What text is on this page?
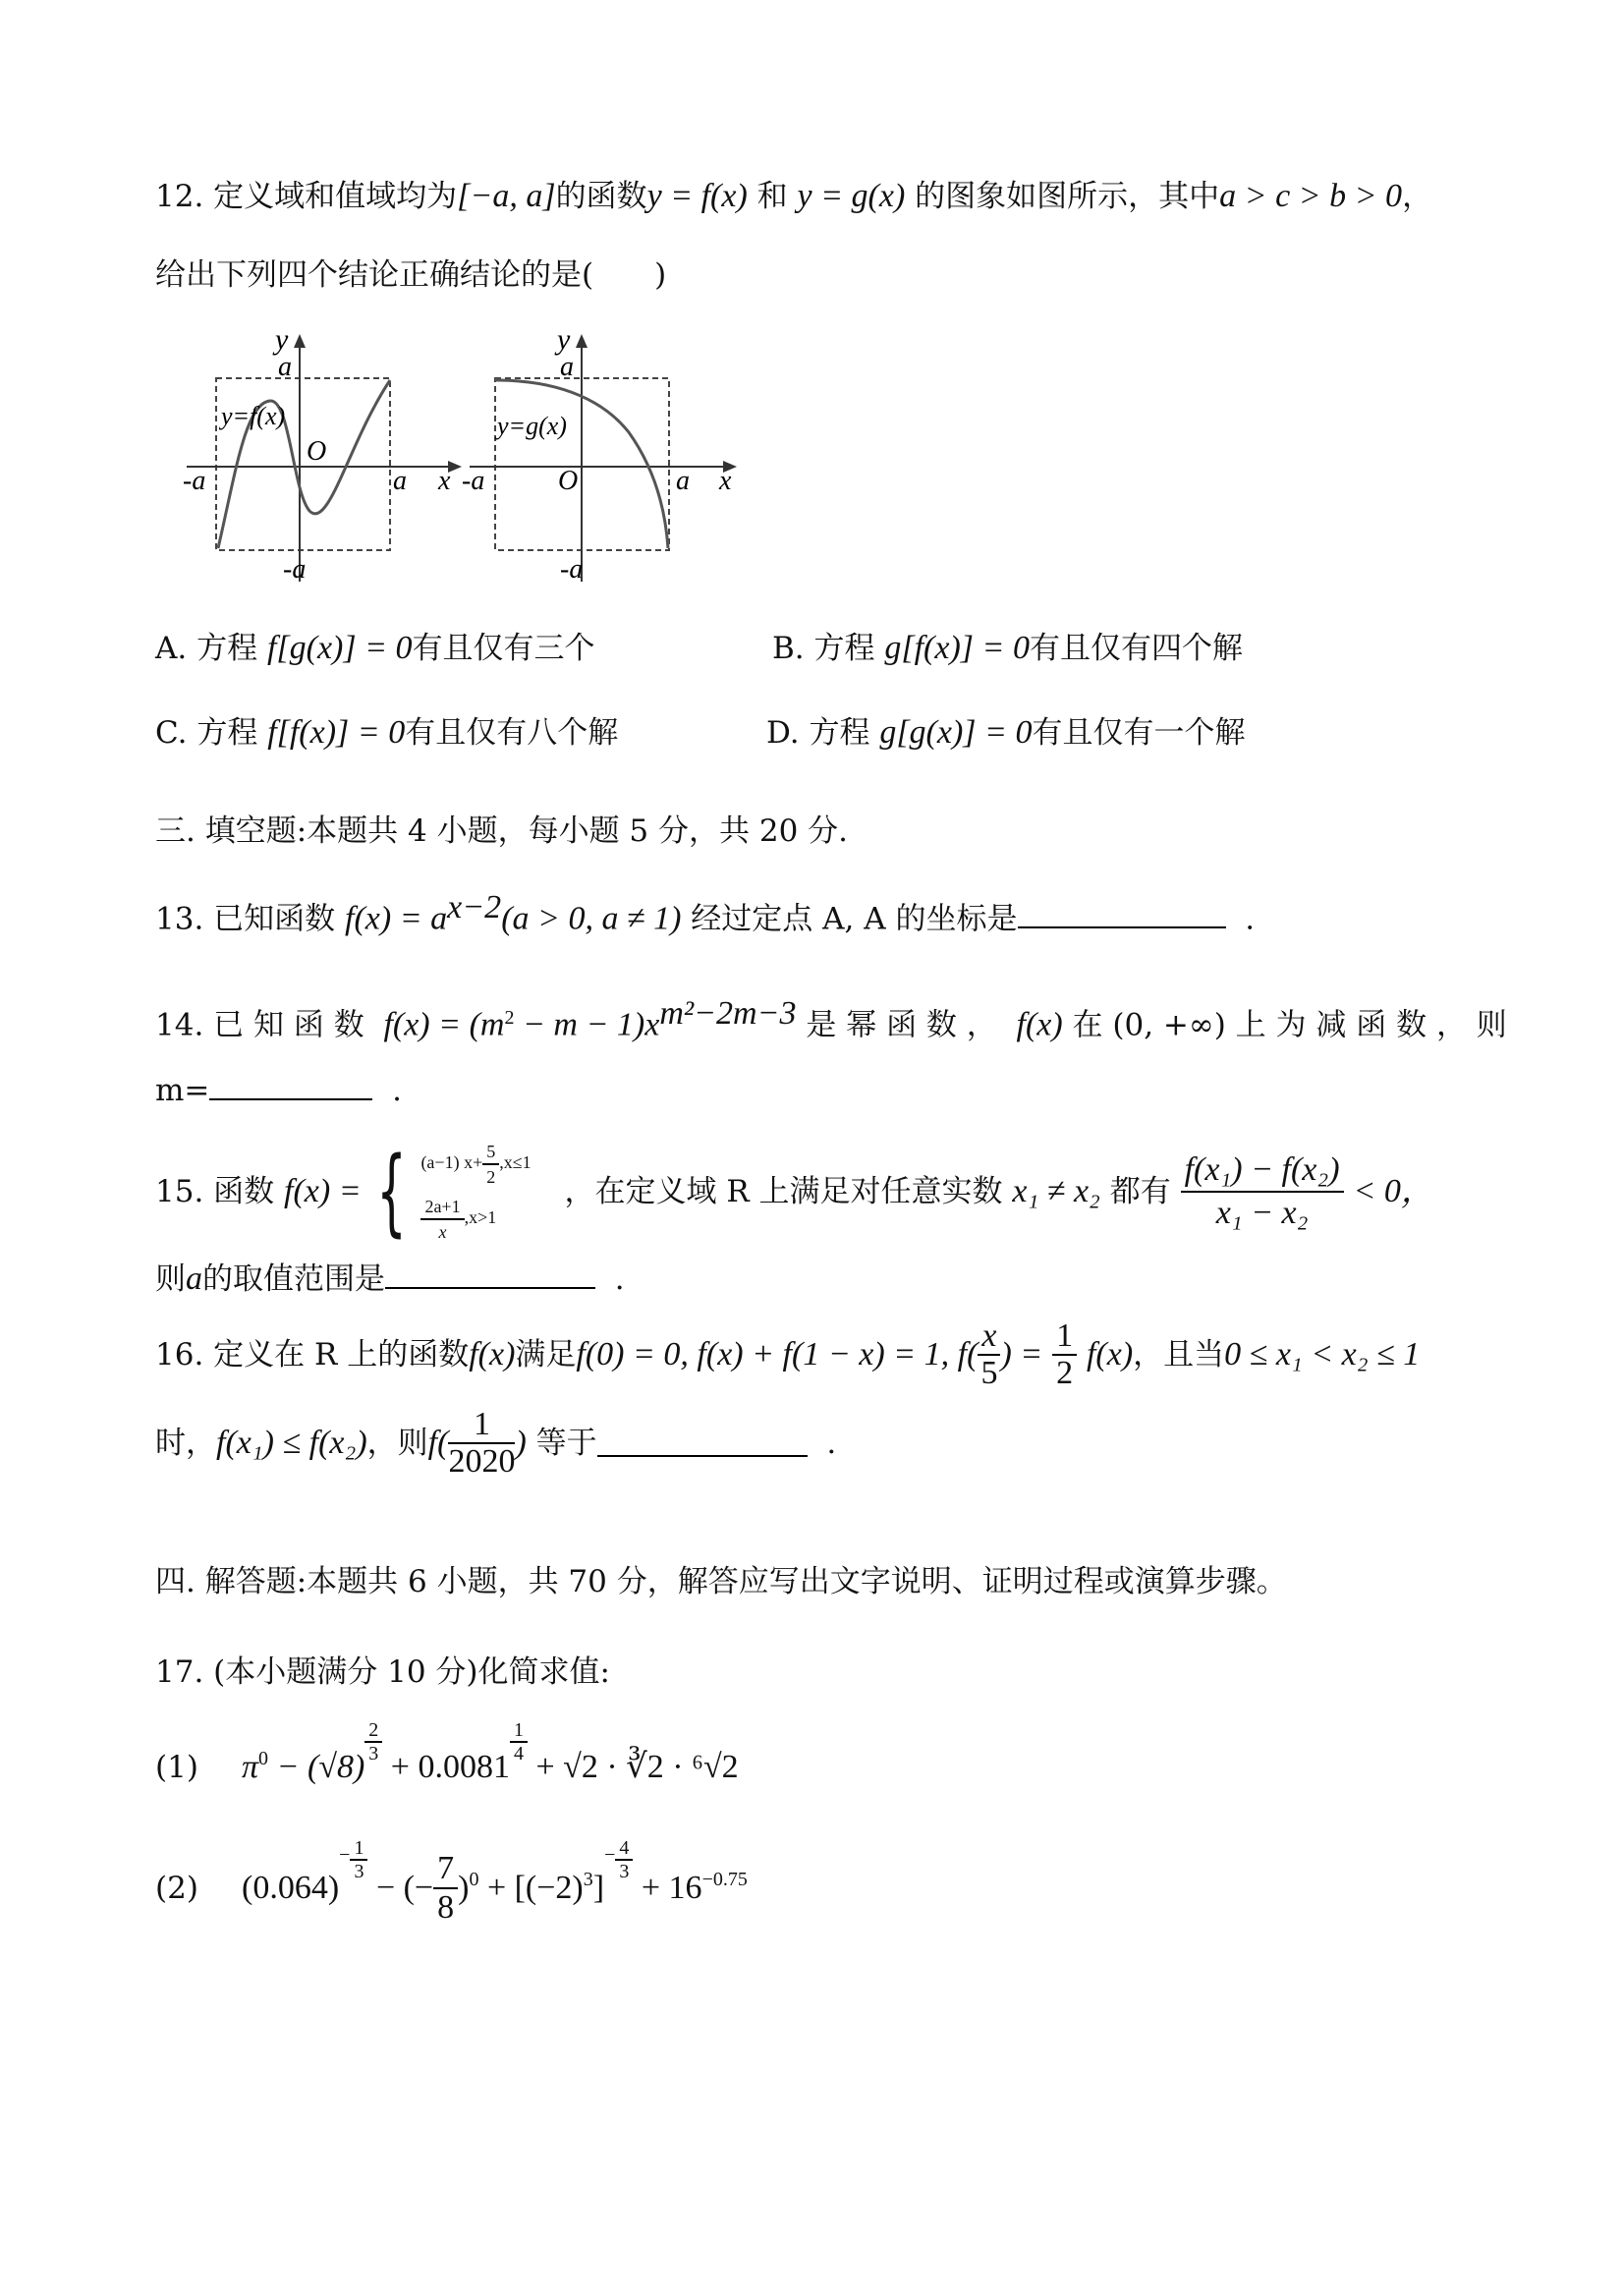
12. 定义域和值域均为[−a, a]的函数y = f(x) 和 y = g(x) 的图象如图所示，其中a > c > b > 0，
给出下列四个结论正确结论的是(　　)
y
a
y=f(x)
O
-a	a x
-a
y
a
y=g(x)
O
-a	a x
-a
A. 方程 f[g(x)] = 0有且仅有三个	B. 方程 g[f(x)] = 0有且仅有四个解
C. 方程 f[f(x)] = 0有且仅有八个解	D. 方程 g[g(x)] = 0有且仅有一个解
三. 填空题:本题共 4 小题，每小题 5 分，共 20 分.
13. 已知函数 $f(x) = a^{x-2}(a > 0$, a ≠ 1) 经过定点 A, A 的坐标是	.
14. 已 知 函 数 $f(x) = (m^2 - m - 1)x^{m^2-2m-3}$ 是 幂 函 数 ， f(x) 在 (0, +∞) 上 为 减 函 数 ， 则
m=	.
15. 函数 f(x) = { (a−1) $x+ \frac{5}{2} ,x\le 1$
$\frac{2a+1}{x} ,x>1$
，在定义域 R 上满足对任意实数 x₁ ≠ x₂ 都有 $\frac{\text{f(x₁) − f(x₂)}}{\text{x₁ − x₂}} < 0$，
则a的取值范围是	.
16. 定义在 R 上的函数f(x)满足f(0) = 0, f(x) + f(1 − x) = 1, $f( \frac{x}{5}$ ) = $\frac{1}{2} f(x)$，且当0 ≤ x₁ < x₂ ≤ 1
时，f(x₁) ≤ f(x₂)，则$f( \frac{1}{2020}$ ) 等于	.
四. 解答题:本题共 6 小题，共 70 分，解答应写出文字说明、证明过程或演算步骤。
17. (本小题满分 10 分)化简求值:
(1) $\pi^0 - (√8)$
$\frac{2}{3}$
+ 0.0081
$\frac{1}{4}$
+ √2 · ∛2 · ⁶√2
(2) $(0.064)^- \frac{1}{3}$
− (− $\frac{7}{8} )^0 + [(-2)^3]^- \frac{4}{3}$
+ $16^{-0.75}$
